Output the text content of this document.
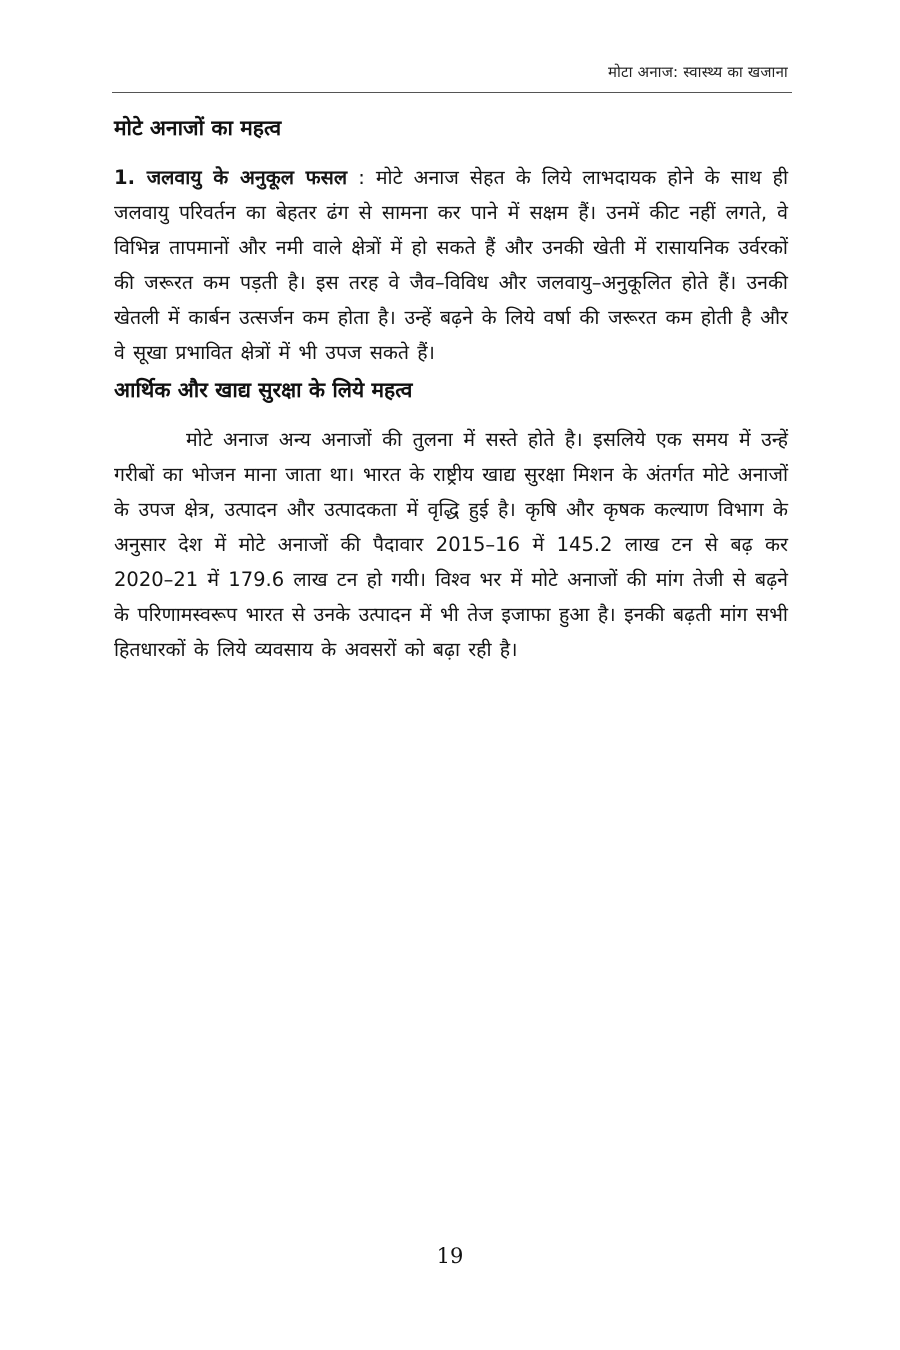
मोटा अनाज: स्वास्थ्य का खजाना
मोटे अनाजों का महत्व

1. जलवायु के अनुकूल फसल : मोटे अनाज सेहत के लिये लाभदायक होने के साथ ही जलवायु परिवर्तन का बेहतर ढंग से सामना कर पाने में सक्षम हैं। उनमें कीट नहीं लगते, वे विभिन्न तापमानों और नमी वाले क्षेत्रों में हो सकते हैं और उनकी खेती में रासायनिक उर्वरकों की जरूरत कम पड़ती है। इस तरह वे जैव–विविध और जलवायु–अनुकूलित होते हैं। उनकी खेतली में कार्बन उत्सर्जन कम होता है। उन्हें बढ़ने के लिये वर्षा की जरूरत कम होती है और वे सूखा प्रभावित क्षेत्रों में भी उपज सकते हैं।

आर्थिक और खाद्य सुरक्षा के लिये महत्व

मोटे अनाज अन्य अनाजों की तुलना में सस्ते होते है। इसलिये एक समय में उन्हें गरीबों का भोजन माना जाता था। भारत के राष्ट्रीय खाद्य सुरक्षा मिशन के अंतर्गत मोटे अनाजों के उपज क्षेत्र, उत्पादन और उत्पादकता में वृद्धि हुई है। कृषि और कृषक कल्याण विभाग के अनुसार देश में मोटे अनाजों की पैदावार 2015–16 में 145.2 लाख टन से बढ़ कर 2020–21 में 179.6 लाख टन हो गयी। विश्व भर में मोटे अनाजों की मांग तेजी से बढ़ने के परिणामस्वरूप भारत से उनके उत्पादन में भी तेज इजाफा हुआ है। इनकी बढ़ती मांग सभी हितधारकों के लिये व्यवसाय के अवसरों को बढ़ा रही है।

19
